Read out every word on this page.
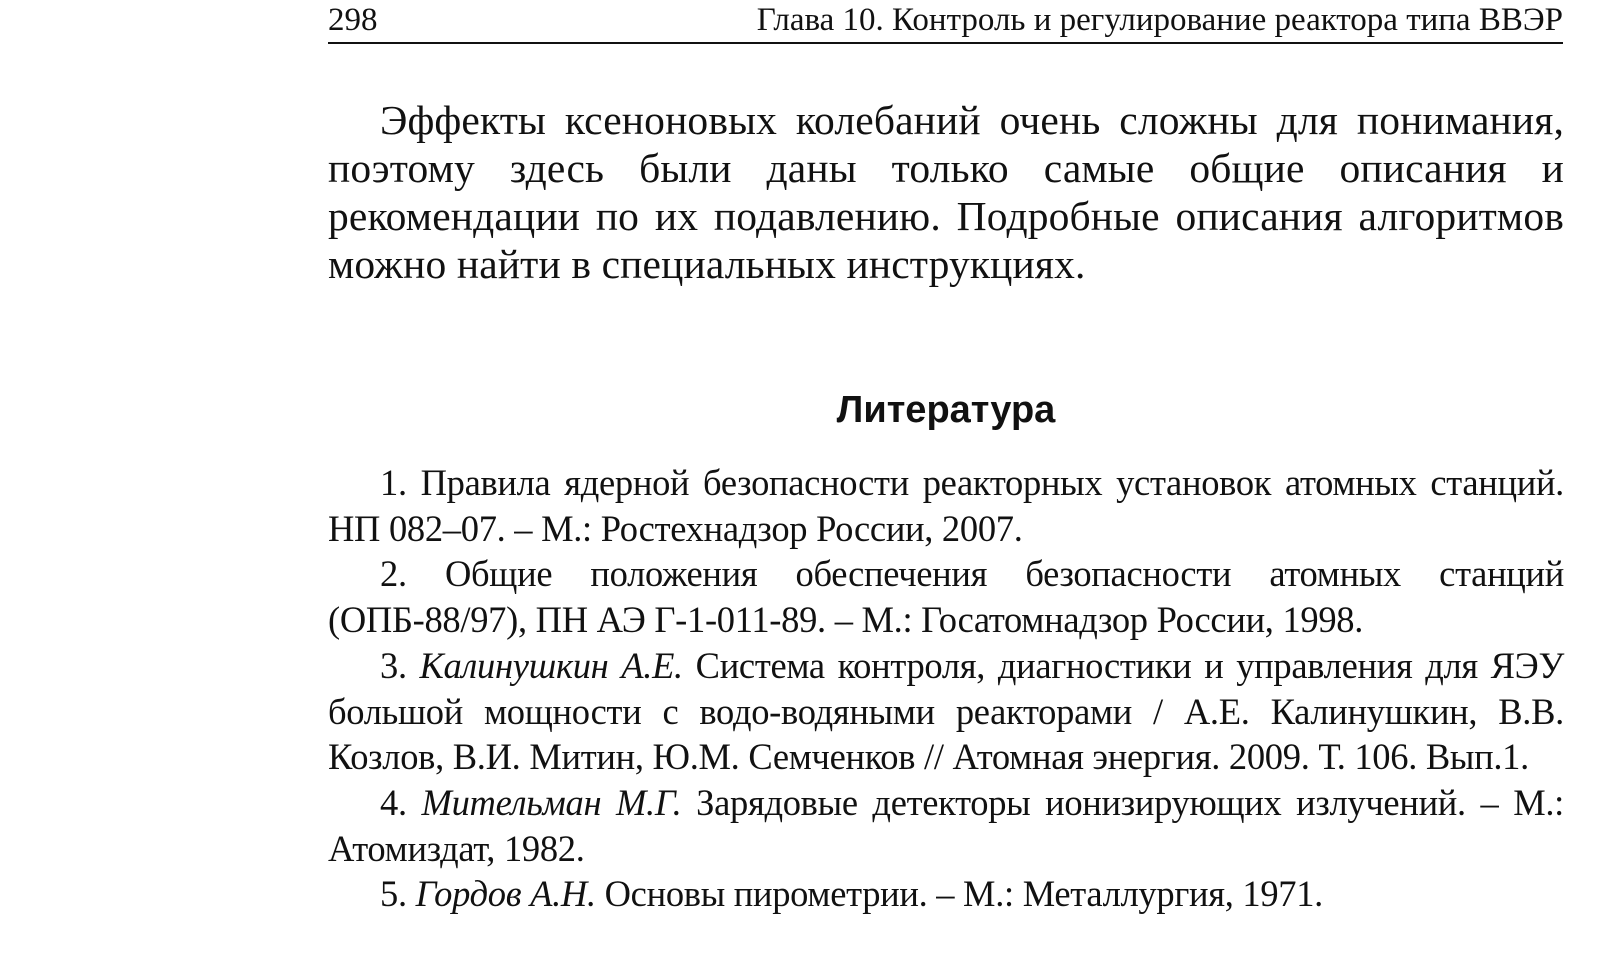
298	Глава 10. Контроль и регулирование реактора типа ВВЭР

Эффекты ксеноновых колебаний очень сложны для понимания, поэтому здесь были даны только самые общие описания и рекомендации по их подавлению. Подробные описания алгоритмов можно найти в специальных инструкциях.

Литература
1. Правила ядерной безопасности реакторных установок атомных станций. НП 082–07. – М.: Ростехнадзор России, 2007.
2. Общие положения обеспечения безопасности атомных станций (ОПБ-88/97), ПН АЭ Г-1-011-89. – М.: Госатомнадзор России, 1998.
3. Калинушкин А.Е. Система контроля, диагностики и управления для ЯЭУ большой мощности с водо-водяными реакторами / А.Е. Калинушкин, В.В. Козлов, В.И. Митин, Ю.М. Семченков // Атомная энергия. 2009. Т. 106. Вып.1.
4. Мительман М.Г. Зарядовые детекторы ионизирующих излучений. – М.: Атомиздат, 1982.
5. Гордов А.Н. Основы пирометрии. – М.: Металлургия, 1971.
